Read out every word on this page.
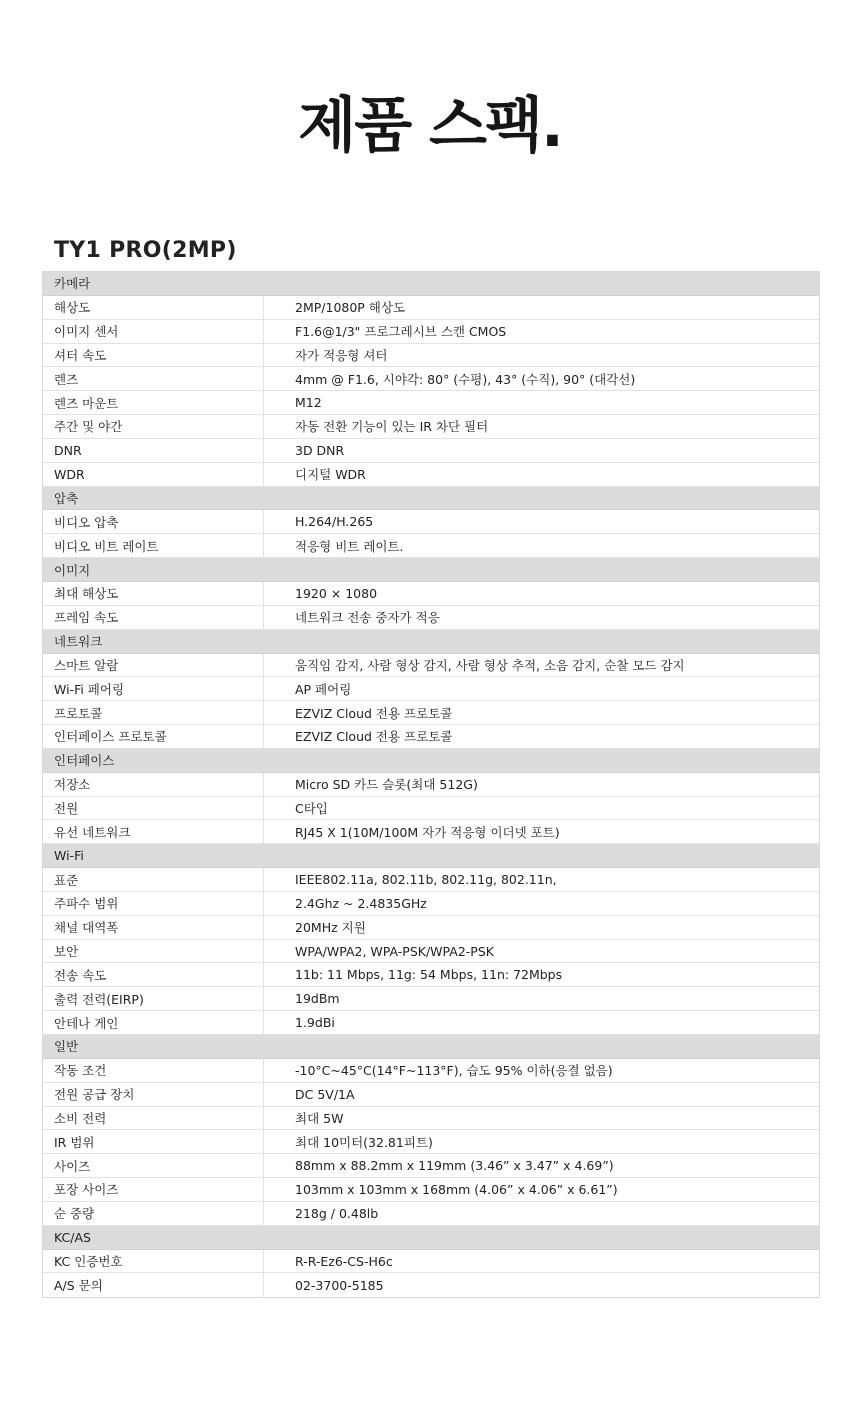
제품 스팩.
TY1 PRO(2MP)
카메라
해상도	2MP/1080P 해상도
이미지 센서	F1.6@1/3" 프로그레시브 스캔 CMOS
셔터 속도	자가 적응형 셔터
렌즈	4mm @ F1.6, 시야각: 80° (수평), 43° (수직), 90° (대각선)
렌즈 마운트	M12
주간 및 야간	자동 전환 기능이 있는 IR 차단 필터
DNR	3D DNR
WDR	디지털 WDR
압축
비디오 압축	H.264/H.265
비디오 비트 레이트	적응형 비트 레이트.
이미지
최대 해상도	1920 × 1080
프레임 속도	네트워크 전송 중자가 적응
네트워크
스마트 알람	움직임 감지, 사람 형상 감지, 사람 형상 추적, 소음 감지, 순찰 모드 감지
Wi-Fi 페어링	AP 페어링
프로토콜	EZVIZ Cloud 전용 프로토콜
인터페이스 프로토콜	EZVIZ Cloud 전용 프로토콜
인터페이스
저장소	Micro SD 카드 슬롯(최대 512G)
전원	C타입
유선 네트워크	RJ45 X 1(10M/100M 자가 적응형 이더넷 포트)
Wi-Fi
표준	IEEE802.11a, 802.11b, 802.11g, 802.11n,
주파수 범위	2.4Ghz ~ 2.4835GHz
채널 대역폭	20MHz 지원
보안	WPA/WPA2, WPA-PSK/WPA2-PSK
전송 속도	11b: 11 Mbps, 11g: 54 Mbps, 11n: 72Mbps
출력 전력(EIRP)	19dBm
안테나 게인	1.9dBi
일반
작동 조건	-10°C~45°C(14°F~113°F), 습도 95% 이하(응결 없음)
전원 공급 장치	DC 5V/1A
소비 전력	최대 5W
IR 범위	최대 10미터(32.81피트)
사이즈	88mm x 88.2mm x 119mm (3.46” x 3.47” x 4.69”)
포장 사이즈	103mm x 103mm x 168mm (4.06” x 4.06” x 6.61”)
순 중량	218g / 0.48lb
KC/AS
KC 인증번호	R-R-Ez6-CS-H6c
A/S 문의	02-3700-5185
